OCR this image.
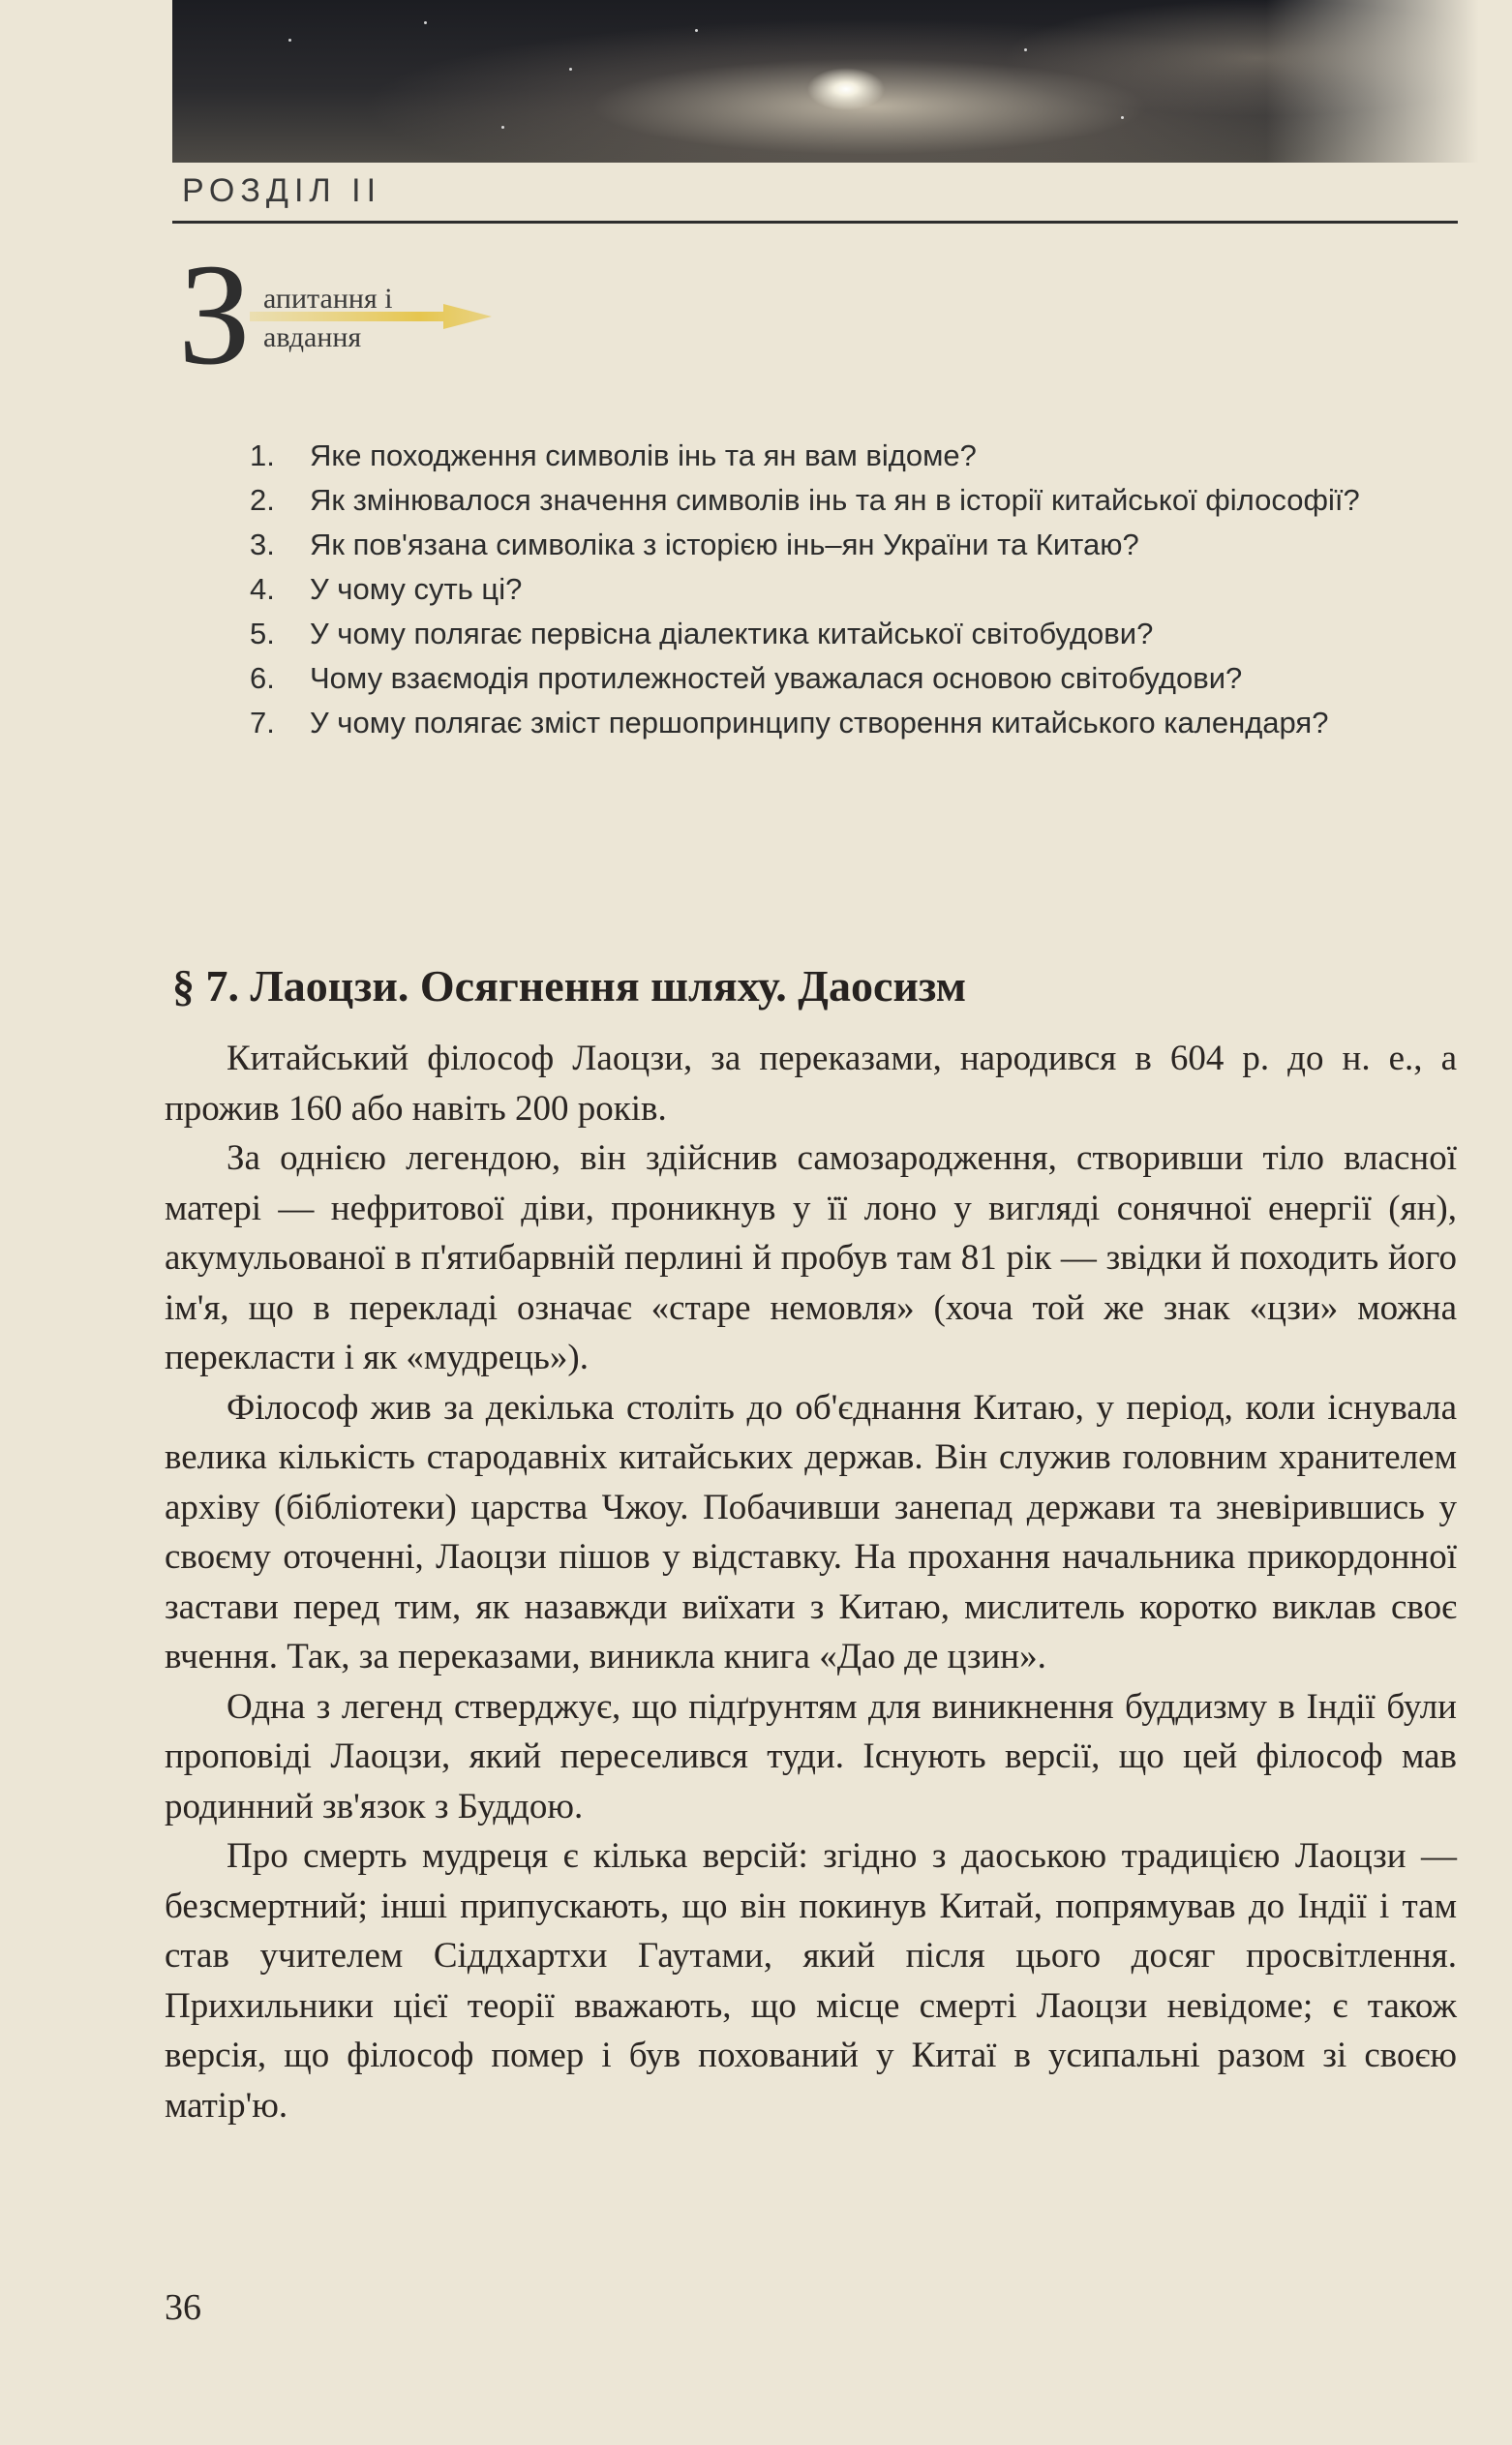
РОЗДІЛ II
З апитання і
авдання
1. Яке походження символів інь та ян вам відоме?
2. Як змінювалося значення символів інь та ян в історії китайської філософії?
3. Як пов'язана символіка з історією інь–ян України та Китаю?
4. У чому суть ці?
5. У чому полягає первісна діалектика китайської світобудови?
6. Чому взаємодія протилежностей уважалася основою світобудови?
7. У чому полягає зміст першопринципу створення китайського календаря?
§ 7. Лаоцзи. Осягнення шляху. Даосизм

Китайський філософ Лаоцзи, за переказами, народився в 604 р. до н. е., а прожив 160 або навіть 200 років.

За однією легендою, він здійснив самозародження, створивши тіло власної матері — нефритової діви, проникнув у її лоно у вигляді сонячної енергії (ян), акумульованої в п'ятибарвній перлині й пробув там 81 рік — звідки й походить його ім'я, що в перекладі означає «старе немовля» (хоча той же знак «цзи» можна перекласти і як «мудрець»).

Філософ жив за декілька століть до об'єднання Китаю, у період, коли існувала велика кількість стародавніх китайських держав. Він служив головним хранителем архіву (бібліотеки) царства Чжоу. Побачивши занепад держави та зневірившись у своєму оточенні, Лаоцзи пішов у відставку. На прохання начальника прикордонної застави перед тим, як назавжди виїхати з Китаю, мислитель коротко виклав своє вчення. Так, за переказами, виникла книга «Дао де цзин».

Одна з легенд стверджує, що підґрунтям для виникнення буддизму в Індії були проповіді Лаоцзи, який переселився туди. Існують версії, що цей філософ мав родинний зв'язок з Буддою.

Про смерть мудреця є кілька версій: згідно з даоською традицією Лаоцзи — безсмертний; інші припускають, що він покинув Китай, попрямував до Індії і там став учителем Сіддхартхи Гаутами, який після цього досяг просвітлення. Прихильники цієї теорії вважають, що місце смерті Лаоцзи невідоме; є також версія, що філософ помер і був похований у Китаї в усипальні разом зі своєю матір'ю.

36
